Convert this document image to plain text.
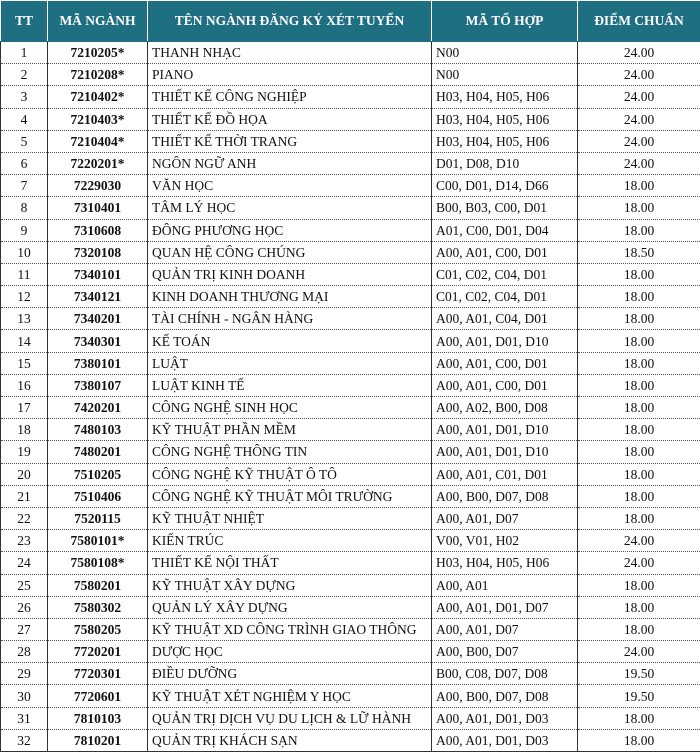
TT	MÃ NGÀNH	TÊN NGÀNH ĐĂNG KÝ XÉT TUYỂN	MÃ TỔ HỢP	ĐIỂM CHUẨN
1	7210205*	THANH NHẠC	N00	24.00
2	7210208*	PIANO	N00	24.00
3	7210402*	THIẾT KẾ CÔNG NGHIỆP	H03, H04, H05, H06	24.00
4	7210403*	THIẾT KẾ ĐỒ HỌA	H03, H04, H05, H06	24.00
5	7210404*	THIẾT KẾ THỜI TRANG	H03, H04, H05, H06	24.00
6	7220201*	NGÔN NGỮ ANH	D01, D08, D10	24.00
7	7229030	VĂN HỌC	C00, D01, D14, D66	18.00
8	7310401	TÂM LÝ HỌC	B00, B03, C00, D01	18.00
9	7310608	ĐÔNG PHƯƠNG HỌC	A01, C00, D01, D04	18.00
10	7320108	QUAN HỆ CÔNG CHÚNG	A00, A01, C00, D01	18.50
11	7340101	QUẢN TRỊ KINH DOANH	C01, C02, C04, D01	18.00
12	7340121	KINH DOANH THƯƠNG MẠI	C01, C02, C04, D01	18.00
13	7340201	TÀI CHÍNH - NGÂN HÀNG	A00, A01, C04, D01	18.00
14	7340301	KẾ TOÁN	A00, A01, D01, D10	18.00
15	7380101	LUẬT	A00, A01, C00, D01	18.00
16	7380107	LUẬT KINH TẾ	A00, A01, C00, D01	18.00
17	7420201	CÔNG NGHỆ SINH HỌC	A00, A02, B00, D08	18.00
18	7480103	KỸ THUẬT PHẦN MỀM	A00, A01, D01, D10	18.00
19	7480201	CÔNG NGHỆ THÔNG TIN	A00, A01, D01, D10	18.00
20	7510205	CÔNG NGHỆ KỸ THUẬT Ô TÔ	A00, A01, C01, D01	18.00
21	7510406	CÔNG NGHỆ KỸ THUẬT MÔI TRƯỜNG	A00, B00, D07, D08	18.00
22	7520115	KỸ THUẬT NHIỆT	A00, A01, D07	18.00
23	7580101*	KIẾN TRÚC	V00, V01, H02	24.00
24	7580108*	THIẾT KẾ NỘI THẤT	H03, H04, H05, H06	24.00
25	7580201	KỸ THUẬT XÂY DỰNG	A00, A01	18.00
26	7580302	QUẢN LÝ XÂY DỰNG	A00, A01, D01, D07	18.00
27	7580205	KỸ THUẬT XD CÔNG TRÌNH GIAO THÔNG	A00, A01, D07	18.00
28	7720201	DƯỢC HỌC	A00, B00, D07	24.00
29	7720301	ĐIỀU DƯỠNG	B00, C08, D07, D08	19.50
30	7720601	KỸ THUẬT XÉT NGHIỆM Y HỌC	A00, B00, D07, D08	19.50
31	7810103	QUẢN TRỊ DỊCH VỤ DU LỊCH & LỮ HÀNH	A00, A01, D01, D03	18.00
32	7810201	QUẢN TRỊ KHÁCH SẠN	A00, A01, D01, D03	18.00
